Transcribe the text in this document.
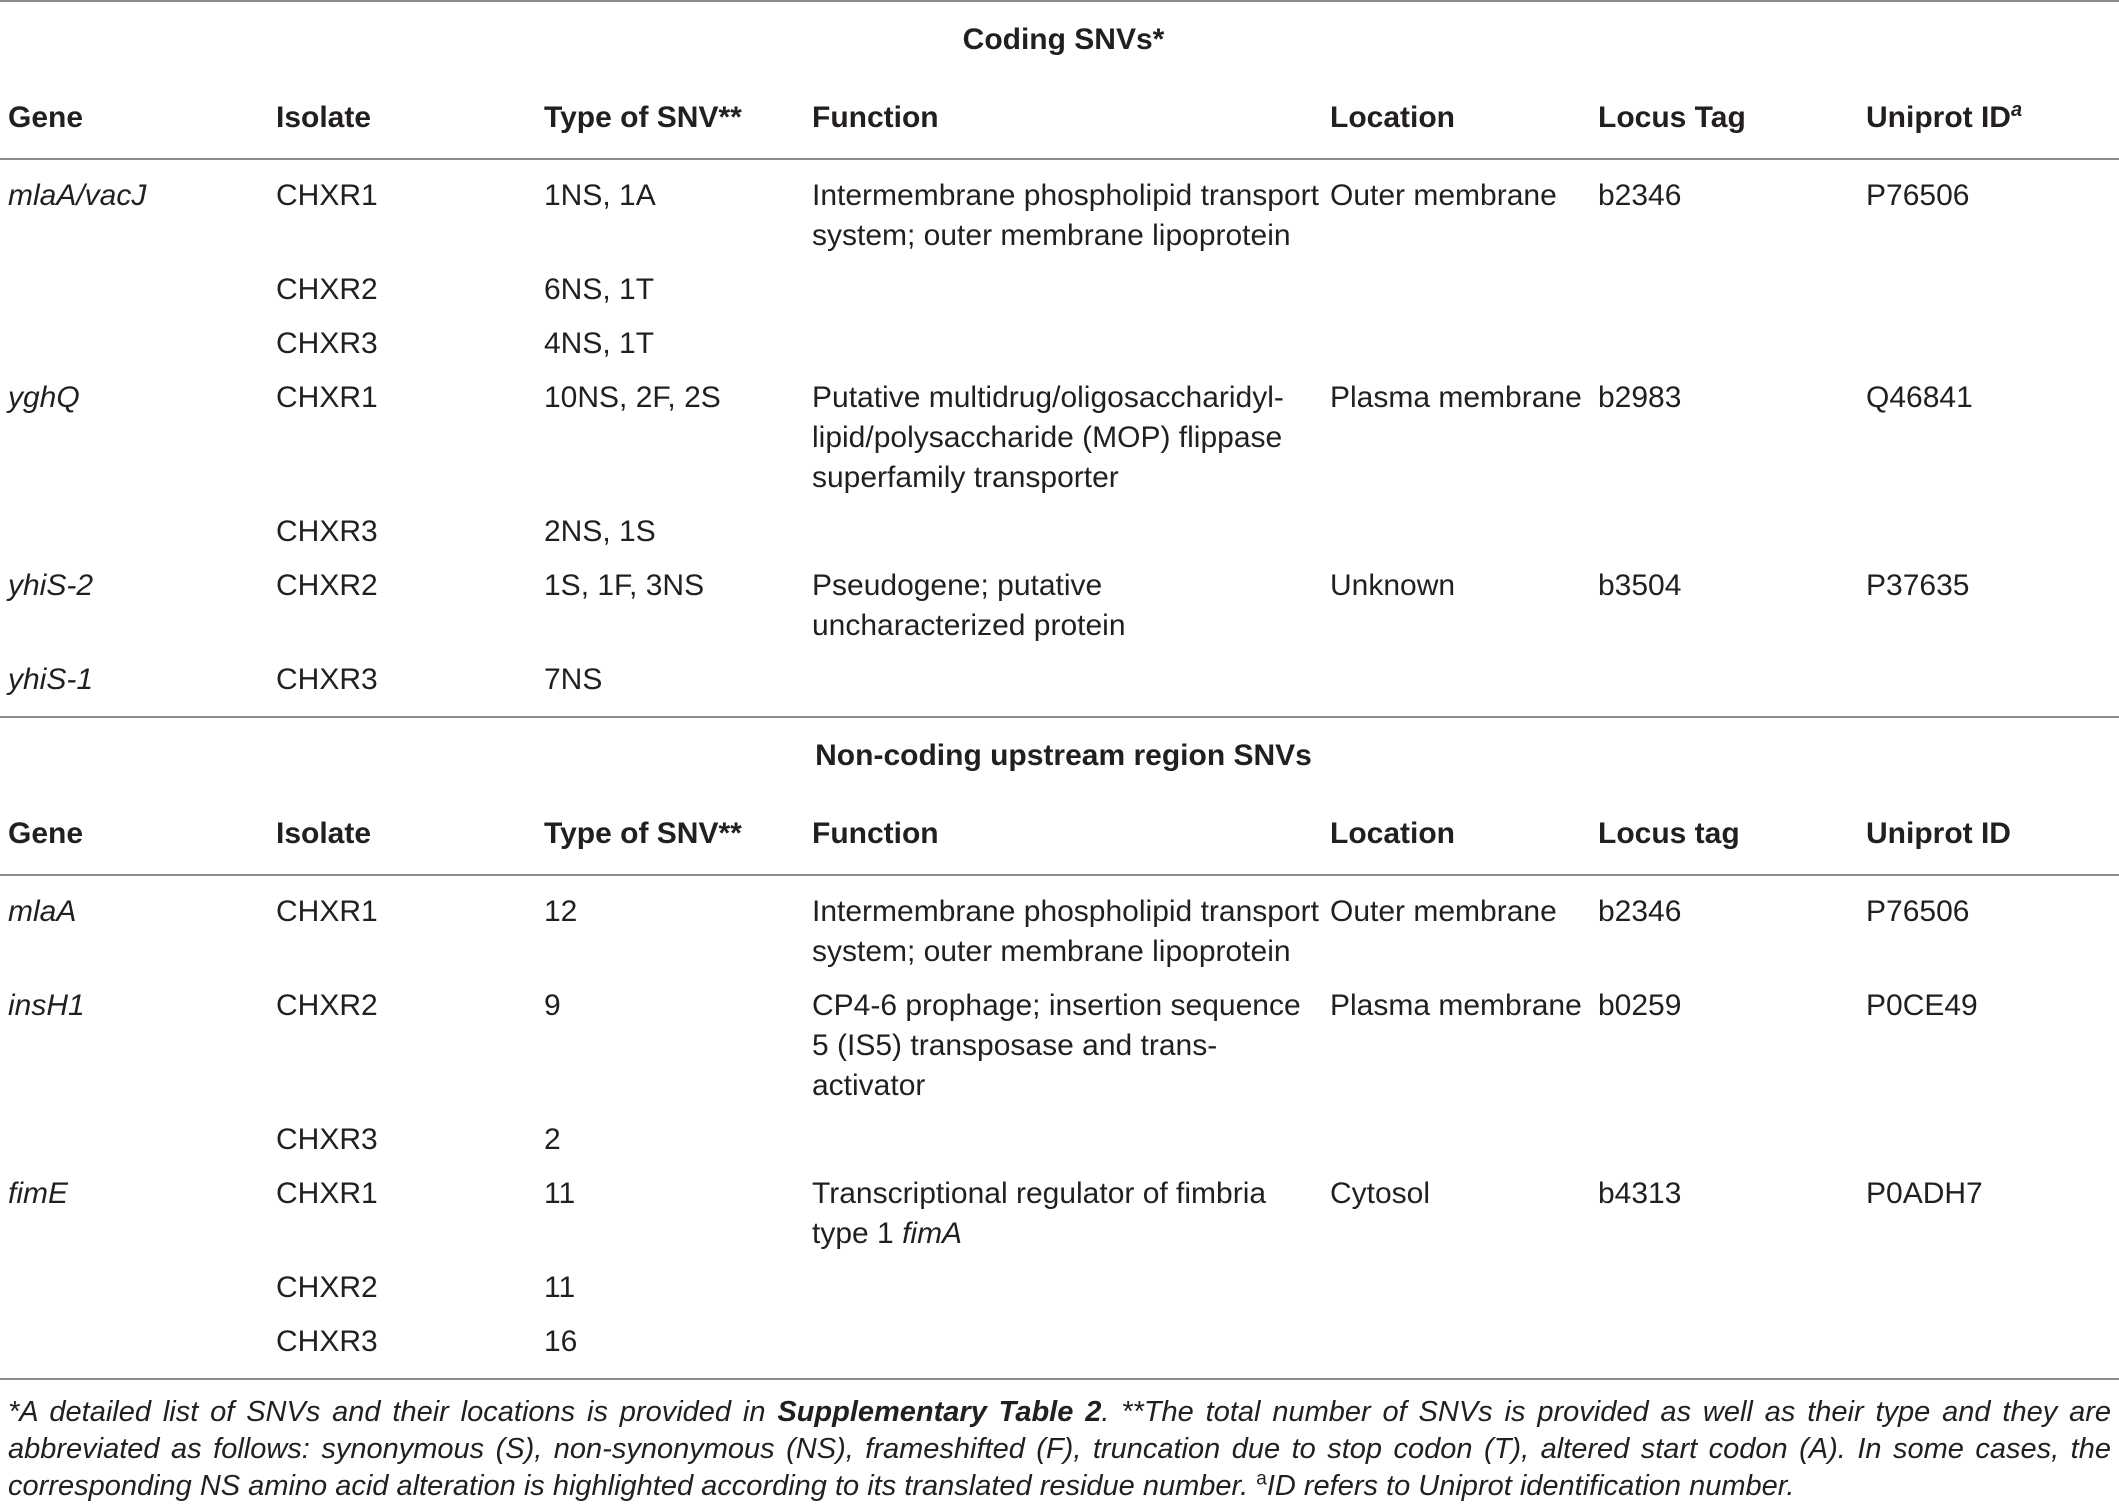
Coding SNVs*						
Gene	Isolate	Type of SNV**	Function	Location	Locus Tag	Uniprot $ID^a$
mlaA/vacJ	CHXR1	1NS, 1A	Intermembrane phospholipid transport system; outer membrane lipoprotein	Outer membrane	b2346	P76506
	CHXR2	6NS, 1T				
	CHXR3	4NS, 1T				
yghQ	CHXR1	10NS, 2F, 2S	Putative multidrug/oligosaccharidyl-lipid/polysaccharide (MOP) flippase superfamily transporter	Plasma membrane	b2983	Q46841
	CHXR3	2NS, 1S				
yhiS-2	CHXR2	1S, 1F, 3NS	Pseudogene; putative uncharacterized protein	Unknown	b3504	P37635
yhiS-1	CHXR3	7NS				
Non-coding upstream region SNVs						
Gene	Isolate	Type of SNV**	Function	Location	Locus tag	Uniprot ID
mlaA	CHXR1	12	Intermembrane phospholipid transport system; outer membrane lipoprotein	Outer membrane	b2346	P76506
insH1	CHXR2	9	CP4-6 prophage; insertion sequence 5 (IS5) transposase and trans-activator	Plasma membrane	b0259	P0CE49
	CHXR3	2				
fimE	CHXR1	11	Transcriptional regulator of fimbria type 1 fimA	Cytosol	b4313	P0ADH7
	CHXR2	11				
	CHXR3	16				
*A detailed list of SNVs and their locations is provided in Supplementary Table 2. **The total number of SNVs is provided as well as their type and they are abbreviated as follows: synonymous (S), non-synonymous (NS), frameshifted (F), truncation due to stop codon (T), altered start codon (A). In some cases, the corresponding NS amino acid alteration is highlighted according to its translated residue number. $^a$ID refers to Uniprot identification number.
